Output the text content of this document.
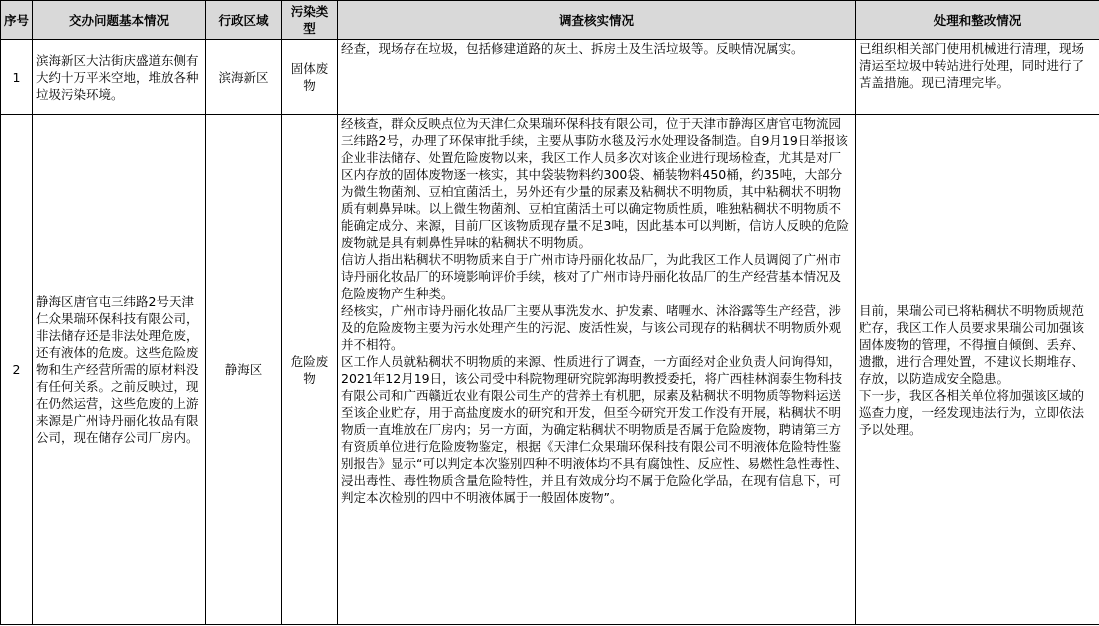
序号	交办问题基本情况	行政区域	污染类型	调查核实情况	处理和整改情况
1	滨海新区大沽街庆盛道东侧有大约十万平米空地，堆放各种垃圾污染环境。	滨海新区	固体废物	经查，现场存在垃圾，包括修建道路的灰土、拆房土及生活垃圾等。反映情况属实。	已组织相关部门使用机械进行清理，现场清运至垃圾中转站进行处理，同时进行了苫盖措施。现已清理完毕。

2	静海区唐官屯三纬路2号天津仁众果瑞环保科技有限公司，非法储存还是非法处理危废，还有液体的危废。这些危险废物和生产经营所需的原材料没有任何关系。之前反映过，现在仍然运营，这些危废的上游来源是广州诗丹丽化妆品有限公司，现在储存公司厂房内。	静海区	危险废物	经核查，群众反映点位为天津仁众果瑞环保科技有限公司，位于天津市静海区唐官屯物流园三纬路2号，办理了环保审批手续，主要从事防水毯及污水处理设备制造。自9月19日举报该企业非法储存、处置危险废物以来，我区工作人员多次对该企业进行现场检查，尤其是对厂区内存放的固体废物逐一核实，其中袋装物料约300袋、桶装物料450桶，约35吨，大部分为微生物菌剂、豆柏宜菌活土，另外还有少量的尿素及粘稠状不明物质，其中粘稠状不明物质有刺鼻异味。以上微生物菌剂、豆柏宜菌活土可以确定物质性质，唯独粘稠状不明物质不能确定成分、来源，目前厂区该物质现存量不足3吨，因此基本可以判断，信访人反映的危险废物就是具有刺鼻性异味的粘稠状不明物质。
信访人指出粘稠状不明物质来自于广州市诗丹丽化妆品厂，为此我区工作人员调阅了广州市诗丹丽化妆品厂的环境影响评价手续，核对了广州市诗丹丽化妆品厂的生产经营基本情况及危险废物产生种类。
经核实，广州市诗丹丽化妆品厂主要从事洗发水、护发素、啫喱水、沐浴露等生产经营，涉及的危险废物主要为污水处理产生的污泥、废活性炭，与该公司现存的粘稠状不明物质外观并不相符。
区工作人员就粘稠状不明物质的来源、性质进行了调查，一方面经对企业负责人问询得知，2021年12月19日，该公司受中科院物理研究院郭海明教授委托，将广西桂林润泰生物科技有限公司和广西赣近农业有限公司生产的营养土有机肥，尿素及粘稠状不明物质等物料运送至该企业贮存，用于高盐度废水的研究和开发，但至今研究开发工作没有开展，粘稠状不明物质一直堆放在厂房内；另一方面，为确定粘稠状不明物质是否属于危险废物，聘请第三方有资质单位进行危险废物鉴定，根据《天津仁众果瑞环保科技有限公司不明液体危险特性鉴别报告》显示“可以判定本次鉴别四种不明液体均不具有腐蚀性、反应性、易燃性急性毒性、浸出毒性、毒性物质含量危险特性，并且有效成分均不属于危险化学品，在现有信息下，可判定本次检别的四中不明液体属于一般固体废物”。	目前，果瑞公司已将粘稠状不明物质规范贮存，我区工作人员要求果瑞公司加强该固体废物的管理，不得擅自倾倒、丢弃、遗撒，进行合理处置，不建议长期堆存、存放，以防造成安全隐患。
下一步，我区各相关单位将加强该区域的巡查力度，一经发现违法行为，立即依法予以处理。
